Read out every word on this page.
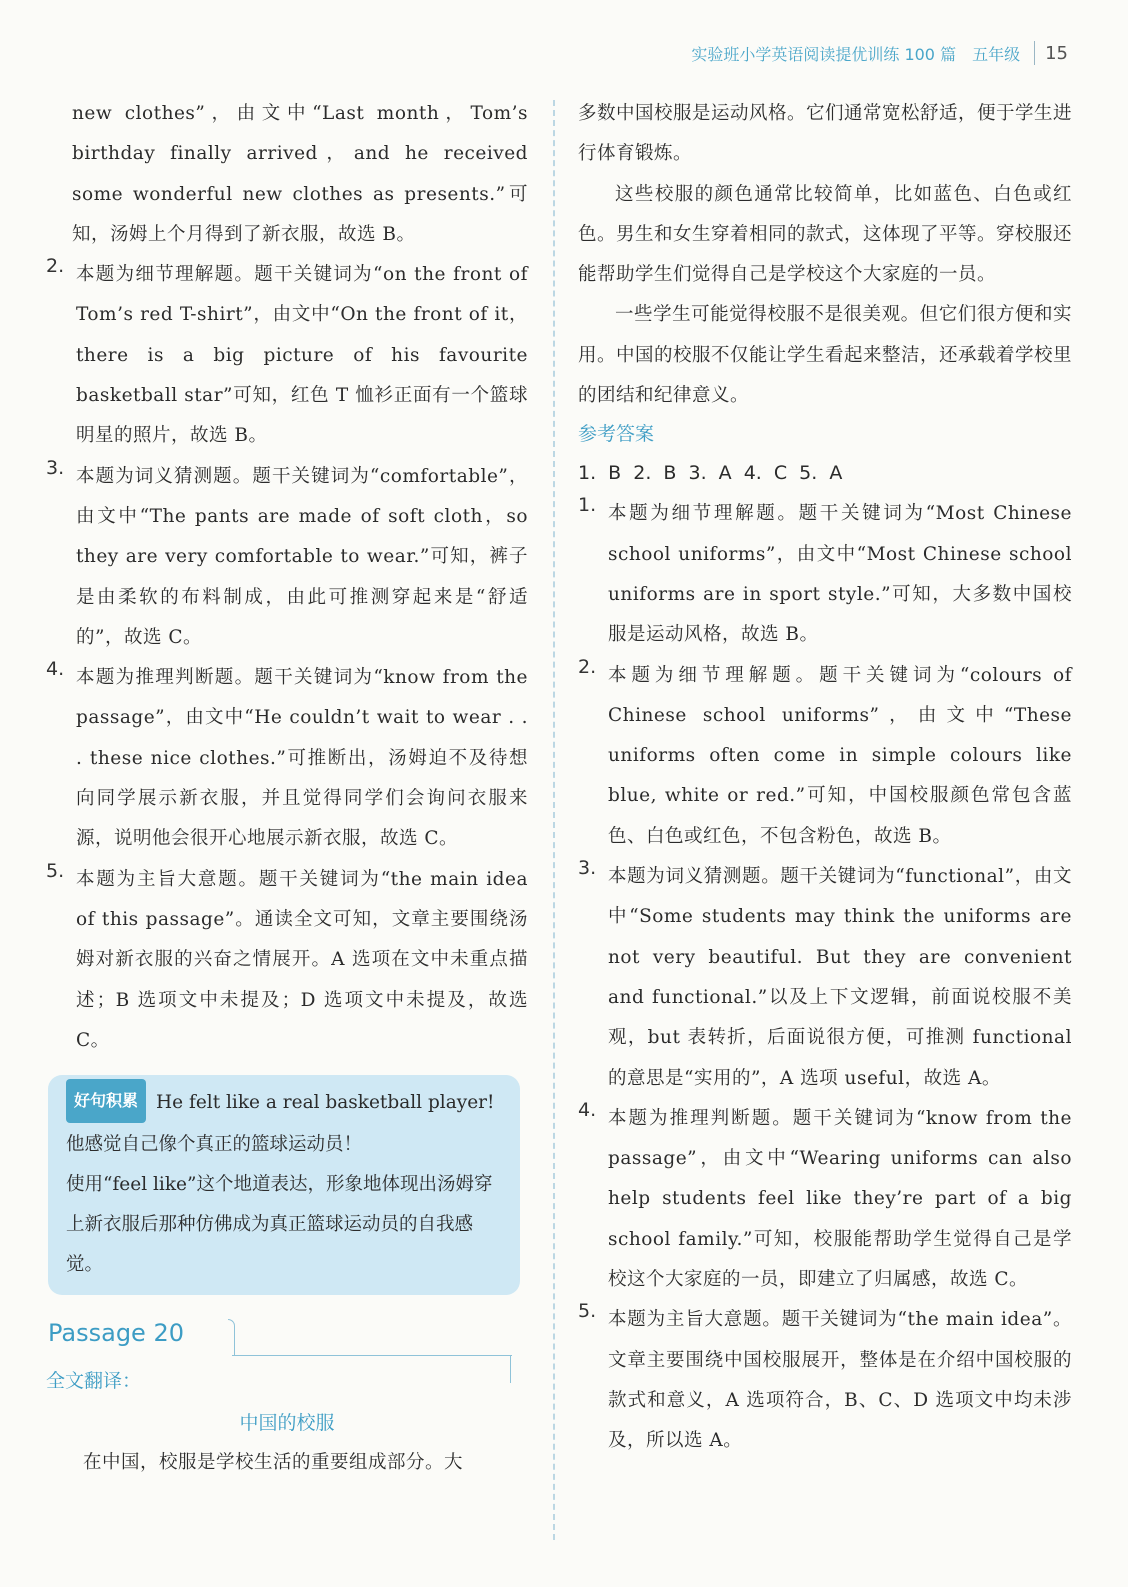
实验班小学英语阅读提优训练 100 篇 五年级 15

new clothes”，由文中“Last month，Tom’s birthday finally arrived，and he received some wonderful new clothes as presents.”可知，汤姆上个月得到了新衣服，故选 B。

2. 本题为细节理解题。题干关键词为“on the front of Tom’s red T-shirt”，由文中“On the front of it，there is a big picture of his favourite basketball star”可知，红色 T 恤衫正面有一个篮球明星的照片，故选 B。

3. 本题为词义猜测题。题干关键词为“comfortable”，由文中“The pants are made of soft cloth，so they are very comfortable to wear.”可知，裤子是由柔软的布料制成，由此可推测穿起来是“舒适的”，故选 C。

4. 本题为推理判断题。题干关键词为“know from the passage”，由文中“He couldn’t wait to wear . . . these nice clothes.”可推断出，汤姆迫不及待想向同学展示新衣服，并且觉得同学们会询问衣服来源，说明他会很开心地展示新衣服，故选 C。

5. 本题为主旨大意题。题干关键词为“the main idea of this passage”。通读全文可知，文章主要围绕汤姆对新衣服的兴奋之情展开。A 选项在文中未重点描述；B 选项文中未提及；D 选项文中未提及，故选 C。

好句积累 He felt like a real basketball player!

他感觉自己像个真正的篮球运动员！

使用“feel like”这个地道表达，形象地体现出汤姆穿上新衣服后那种仿佛成为真正篮球运动员的自我感觉。

Passage 20
全文翻译：
中国的校服

在中国，校服是学校生活的重要组成部分。大

多数中国校服是运动风格。它们通常宽松舒适，便于学生进行体育锻炼。

这些校服的颜色通常比较简单，比如蓝色、白色或红色。男生和女生穿着相同的款式，这体现了平等。穿校服还能帮助学生们觉得自己是学校这个大家庭的一员。

一些学生可能觉得校服不是很美观。但它们很方便和实用。中国的校服不仅能让学生看起来整洁，还承载着学校里的团结和纪律意义。

参考答案
1. B 2. B 3. A 4. C 5. A
1. 本题为细节理解题。题干关键词为“Most Chinese school uniforms”，由文中“Most Chinese school uniforms are in sport style.”可知，大多数中国校服是运动风格，故选 B。

2. 本题为细节理解题。题干关键词为“colours of Chinese school uniforms”，由文中“These uniforms often come in simple colours like blue, white or red.”可知，中国校服颜色常包含蓝色、白色或红色，不包含粉色，故选 B。

3. 本题为词义猜测题。题干关键词为“functional”，由文中“Some students may think the uniforms are not very beautiful. But they are convenient and functional.”以及上下文逻辑，前面说校服不美观，but 表转折，后面说很方便，可推测 functional 的意思是“实用的”，A 选项 useful，故选 A。

4. 本题为推理判断题。题干关键词为“know from the passage”，由文中“Wearing uniforms can also help students feel like they’re part of a big school family.”可知，校服能帮助学生觉得自己是学校这个大家庭的一员，即建立了归属感，故选 C。

5. 本题为主旨大意题。题干关键词为“the main idea”。文章主要围绕中国校服展开，整体是在介绍中国校服的款式和意义，A 选项符合，B、C、D 选项文中均未涉及，所以选 A。
